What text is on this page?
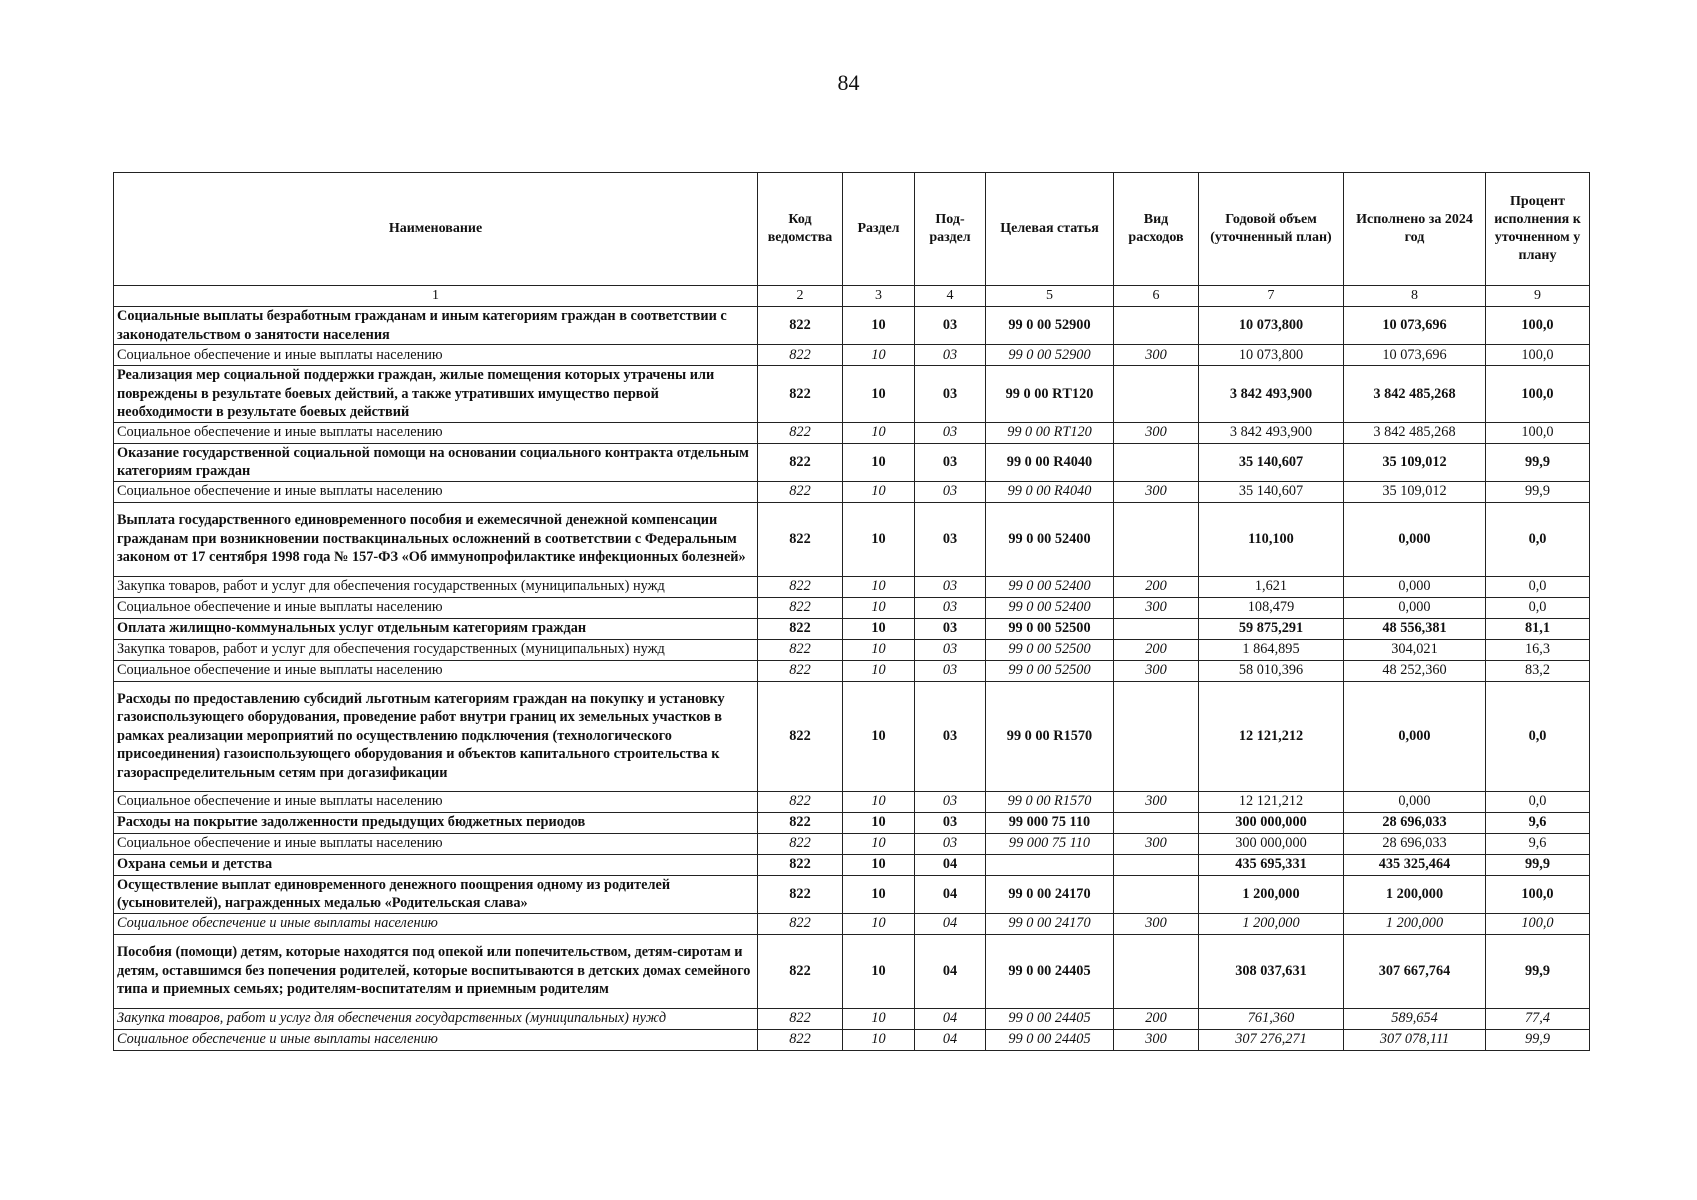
84
Наименование	Код ведомства	Раздел	Под-раздел	Целевая статья	Вид расходов	Годовой объем (уточненный план)	Исполнено за 2024 год	Процент исполнения к уточненном у плану
1	2	3	4	5	6	7	8	9
Социальные выплаты безработным гражданам и иным категориям граждан в соответствии с законодательством о занятости населения	822	10	03	99 0 00 52900		10 073,800	10 073,696	100,0
Социальное обеспечение и иные выплаты населению	822	10	03	99 0 00 52900	300	10 073,800	10 073,696	100,0
Реализация мер социальной поддержки граждан, жилые помещения которых утрачены или повреждены в результате боевых действий, а также утративших имущество первой необходимости в результате боевых действий	822	10	03	99 0 00 RТ120		3 842 493,900	3 842 485,268	100,0
Социальное обеспечение и иные выплаты населению	822	10	03	99 0 00 RТ120	300	3 842 493,900	3 842 485,268	100,0
Оказание государственной социальной помощи на основании социального контракта отдельным категориям граждан	822	10	03	99 0 00 R4040		35 140,607	35 109,012	99,9
Социальное обеспечение и иные выплаты населению	822	10	03	99 0 00 R4040	300	35 140,607	35 109,012	99,9
Выплата государственного единовременного пособия и ежемесячной денежной компенсации гражданам при возникновении поствакцинальных осложнений в соответствии с Федеральным законом от 17 сентября 1998 года № 157-ФЗ «Об иммунопрофилактике инфекционных болезней»	822	10	03	99 0 00 52400		110,100	0,000	0,0
Закупка товаров, работ и услуг для обеспечения государственных (муниципальных) нужд	822	10	03	99 0 00 52400	200	1,621	0,000	0,0
Социальное обеспечение и иные выплаты населению	822	10	03	99 0 00 52400	300	108,479	0,000	0,0
Оплата жилищно-коммунальных услуг отдельным категориям граждан	822	10	03	99 0 00 52500		59 875,291	48 556,381	81,1
Закупка товаров, работ и услуг для обеспечения государственных (муниципальных) нужд	822	10	03	99 0 00 52500	200	1 864,895	304,021	16,3
Социальное обеспечение и иные выплаты населению	822	10	03	99 0 00 52500	300	58 010,396	48 252,360	83,2
Расходы по предоставлению субсидий льготным категориям граждан на покупку и установку газоиспользующего оборудования, проведение работ внутри границ их земельных участков в рамках реализации мероприятий по осуществлению подключения (технологического присоединения) газоиспользующего оборудования и объектов капитального строительства к газораспределительным сетям при догазификации	822	10	03	99 0 00 R1570		12 121,212	0,000	0,0
Социальное обеспечение и иные выплаты населению	822	10	03	99 0 00 R1570	300	12 121,212	0,000	0,0
Расходы на покрытие задолженности предыдущих бюджетных периодов	822	10	03	99 000 75 110		300 000,000	28 696,033	9,6
Социальное обеспечение и иные выплаты населению	822	10	03	99 000 75 110	300	300 000,000	28 696,033	9,6
Охрана семьи и детства	822	10	04			435 695,331	435 325,464	99,9
Осуществление выплат единовременного денежного поощрения одному из родителей (усыновителей), награжденных медалью «Родительская слава»	822	10	04	99 0 00 24170		1 200,000	1 200,000	100,0
Социальное обеспечение и иные выплаты населению	822	10	04	99 0 00 24170	300	1 200,000	1 200,000	100,0
Пособия (помощи) детям, которые находятся под опекой или попечительством, детям-сиротам и детям, оставшимся без попечения родителей, которые воспитываются в детских домах семейного типа и приемных семьях; родителям-воспитателям и приемным родителям	822	10	04	99 0 00 24405		308 037,631	307 667,764	99,9
Закупка товаров, работ и услуг для обеспечения государственных (муниципальных) нужд	822	10	04	99 0 00 24405	200	761,360	589,654	77,4
Социальное обеспечение и иные выплаты населению	822	10	04	99 0 00 24405	300	307 276,271	307 078,111	99,9
